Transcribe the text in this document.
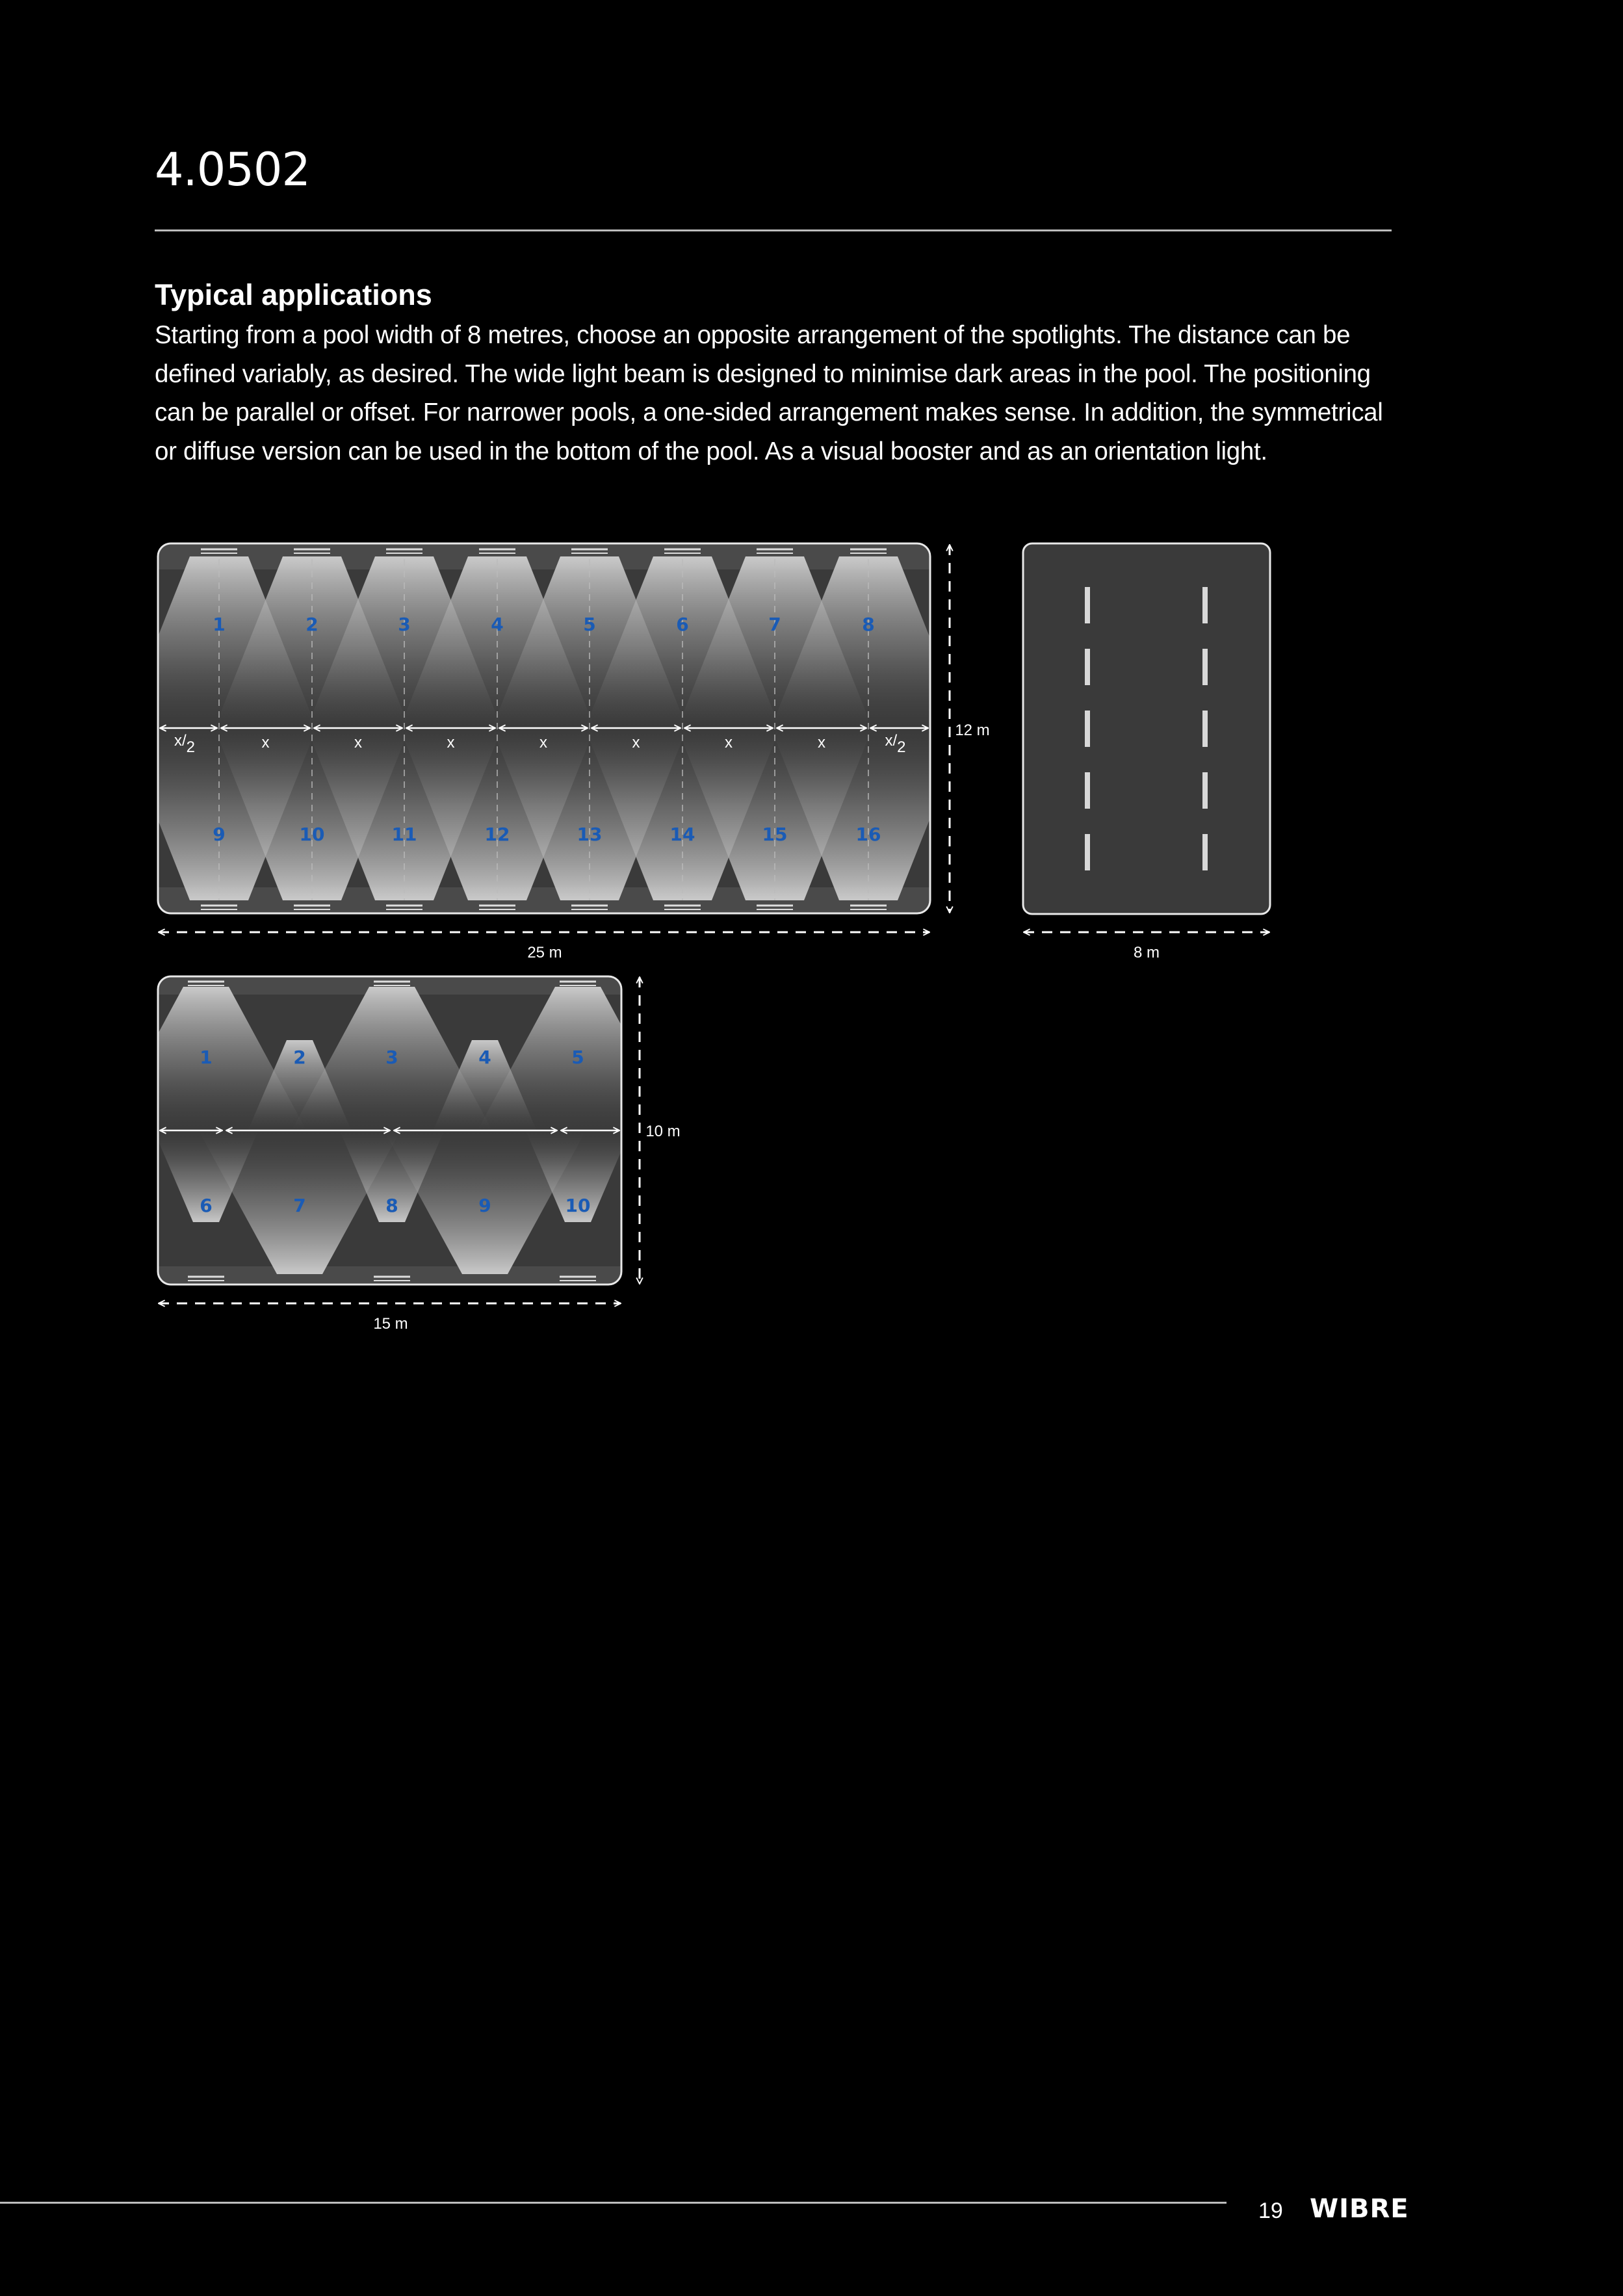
4.0502
Typical applications

Starting from a pool width of 8 metres, choose an opposite arrangement of the spotlights. The distance can be defined variably, as desired. The wide light beam is designed to minimise dark areas in the pool. The positioning can be parallel or offset. For narrower pools, a one-sided arrangement makes sense. In addition, the symmetrical or diffuse version can be used in the bottom of the pool. As a visual booster and as an orientation light.

x/2	x	x	x	x	x	x	x	x/2
1
9
2
10
3
11
4
12
5
13
6
14
7
15
8
16
1
6
2
7
3
8
4
9
5
10
12 m
25 m	8 m
10 m
15 m
19 WIBRE
